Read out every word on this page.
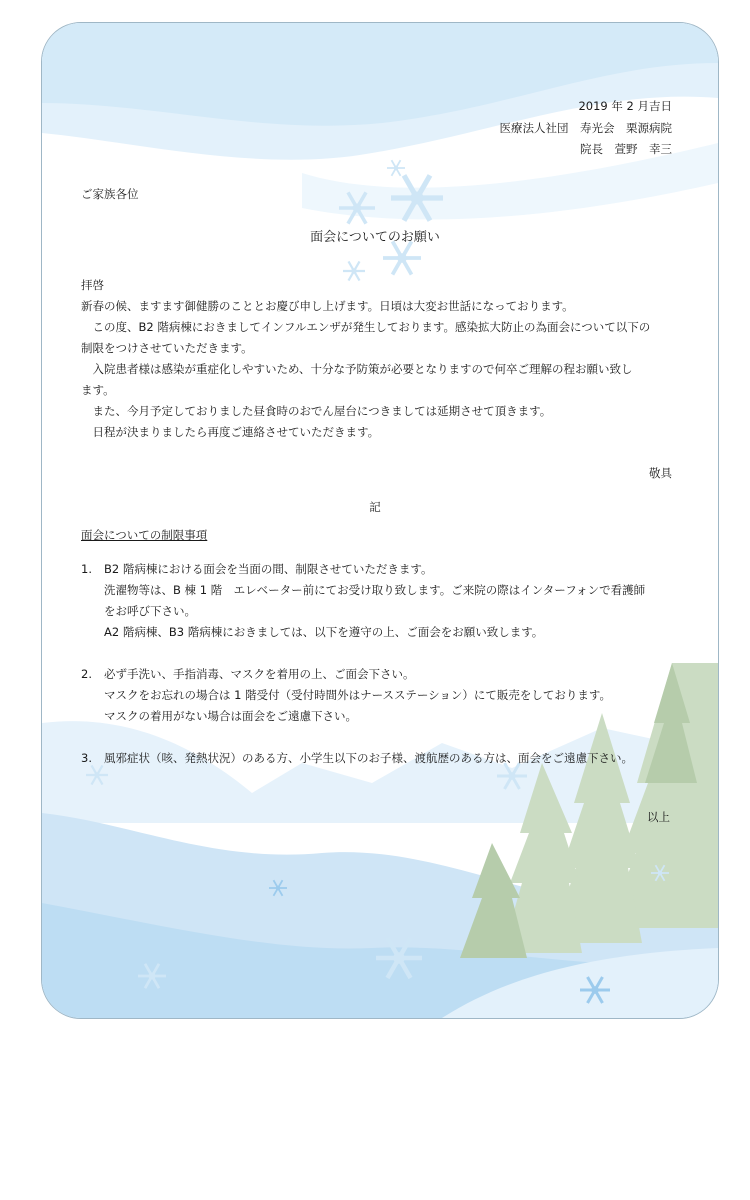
2019 年 2 月吉日
医療法人社団　寿光会　栗源病院
院長　萱野　幸三
ご家族各位
面会についてのお願い
拝啓
新春の候、ますます御健勝のこととお慶び申し上げます。日頃は大変お世話になっております。
　この度、B2 階病棟におきましてインフルエンザが発生しております。感染拡大防止の為面会について以下の
制限をつけさせていただきます。
　入院患者様は感染が重症化しやすいため、十分な予防策が必要となりますので何卒ご理解の程お願い致し
ます。
　また、今月予定しておりました昼食時のおでん屋台につきましては延期させて頂きます。
　日程が決まりましたら再度ご連絡させていただきます。
敬具
記
面会についての制限事項
1. B2 階病棟における面会を当面の間、制限させていただきます。
洗濯物等は、B 棟 1 階　エレベーター前にてお受け取り致します。ご来院の際はインターフォンで看護師
をお呼び下さい。
A2 階病棟、B3 階病棟におきましては、以下を遵守の上、ご面会をお願い致します。
2. 必ず手洗い、手指消毒、マスクを着用の上、ご面会下さい。
マスクをお忘れの場合は 1 階受付（受付時間外はナースステーション）にて販売をしております。
マスクの着用がない場合は面会をご遠慮下さい。
3. 風邪症状（咳、発熱状況）のある方、小学生以下のお子様、渡航歴のある方は、面会をご遠慮下さい。
以上
